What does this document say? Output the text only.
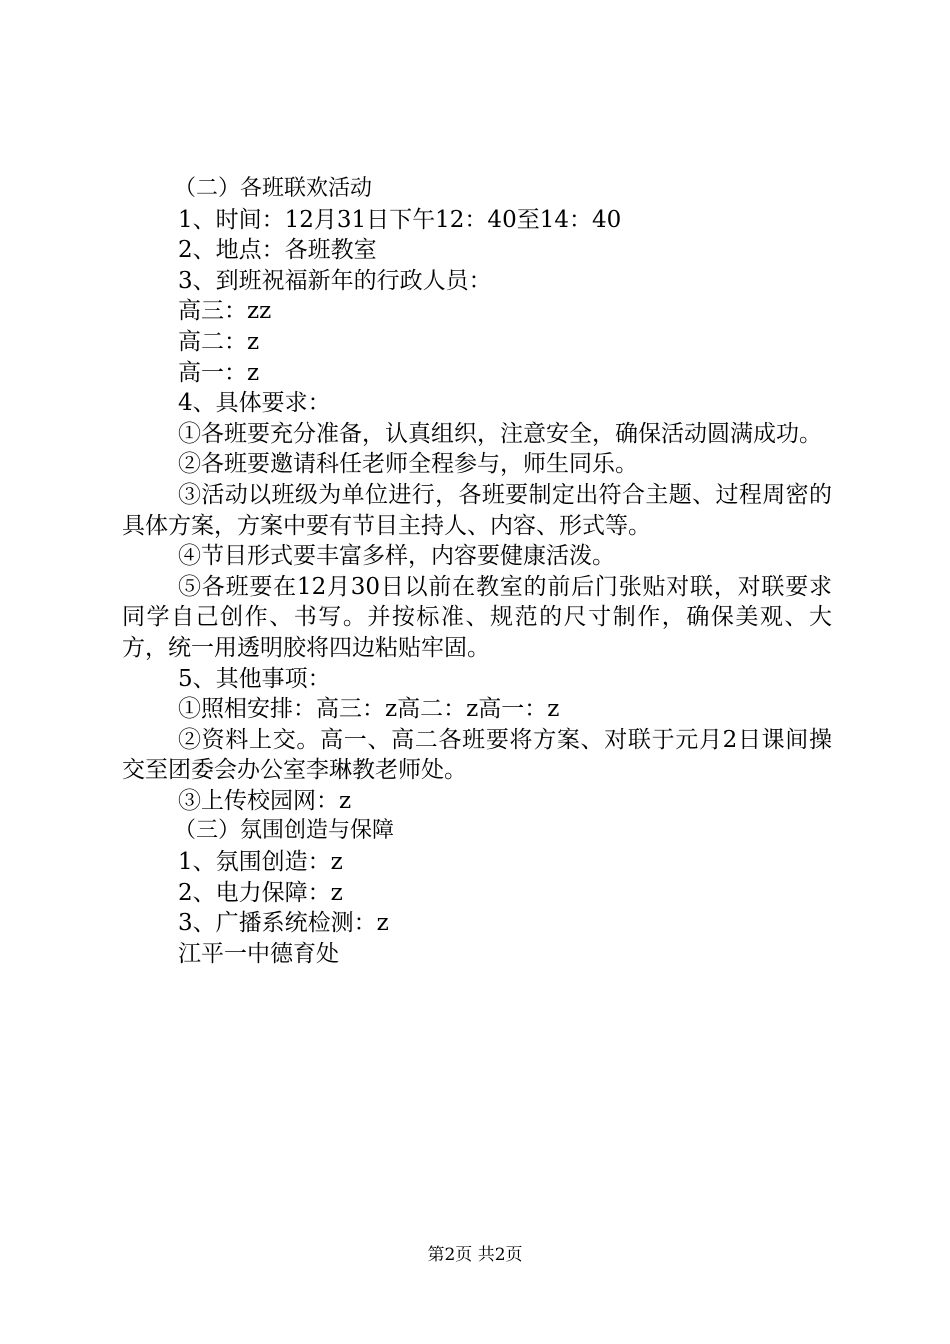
（二）各班联欢活动
1、时间：12月31日下午12：40至14：40
2、地点：各班教室
3、到班祝福新年的行政人员：
高三：zz
高二：z
高一：z
4、具体要求：
①各班要充分准备，认真组织，注意安全，确保活动圆满成功。
②各班要邀请科任老师全程参与，师生同乐。
③活动以班级为单位进行，各班要制定出符合主题、过程周密的具体方案，方案中要有节目主持人、内容、形式等。
④节目形式要丰富多样，内容要健康活泼。
⑤各班要在12月30日以前在教室的前后门张贴对联，对联要求同学自己创作、书写。并按标准、规范的尺寸制作，确保美观、大方，统一用透明胶将四边粘贴牢固。
5、其他事项：
①照相安排：高三：z高二：z高一：z
②资料上交。高一、高二各班要将方案、对联于元月2日课间操交至团委会办公室李琳教老师处。
③上传校园网：z
（三）氛围创造与保障
1、氛围创造：z
2、电力保障：z
3、广播系统检测：z
江平一中德育处
第2页 共2页
